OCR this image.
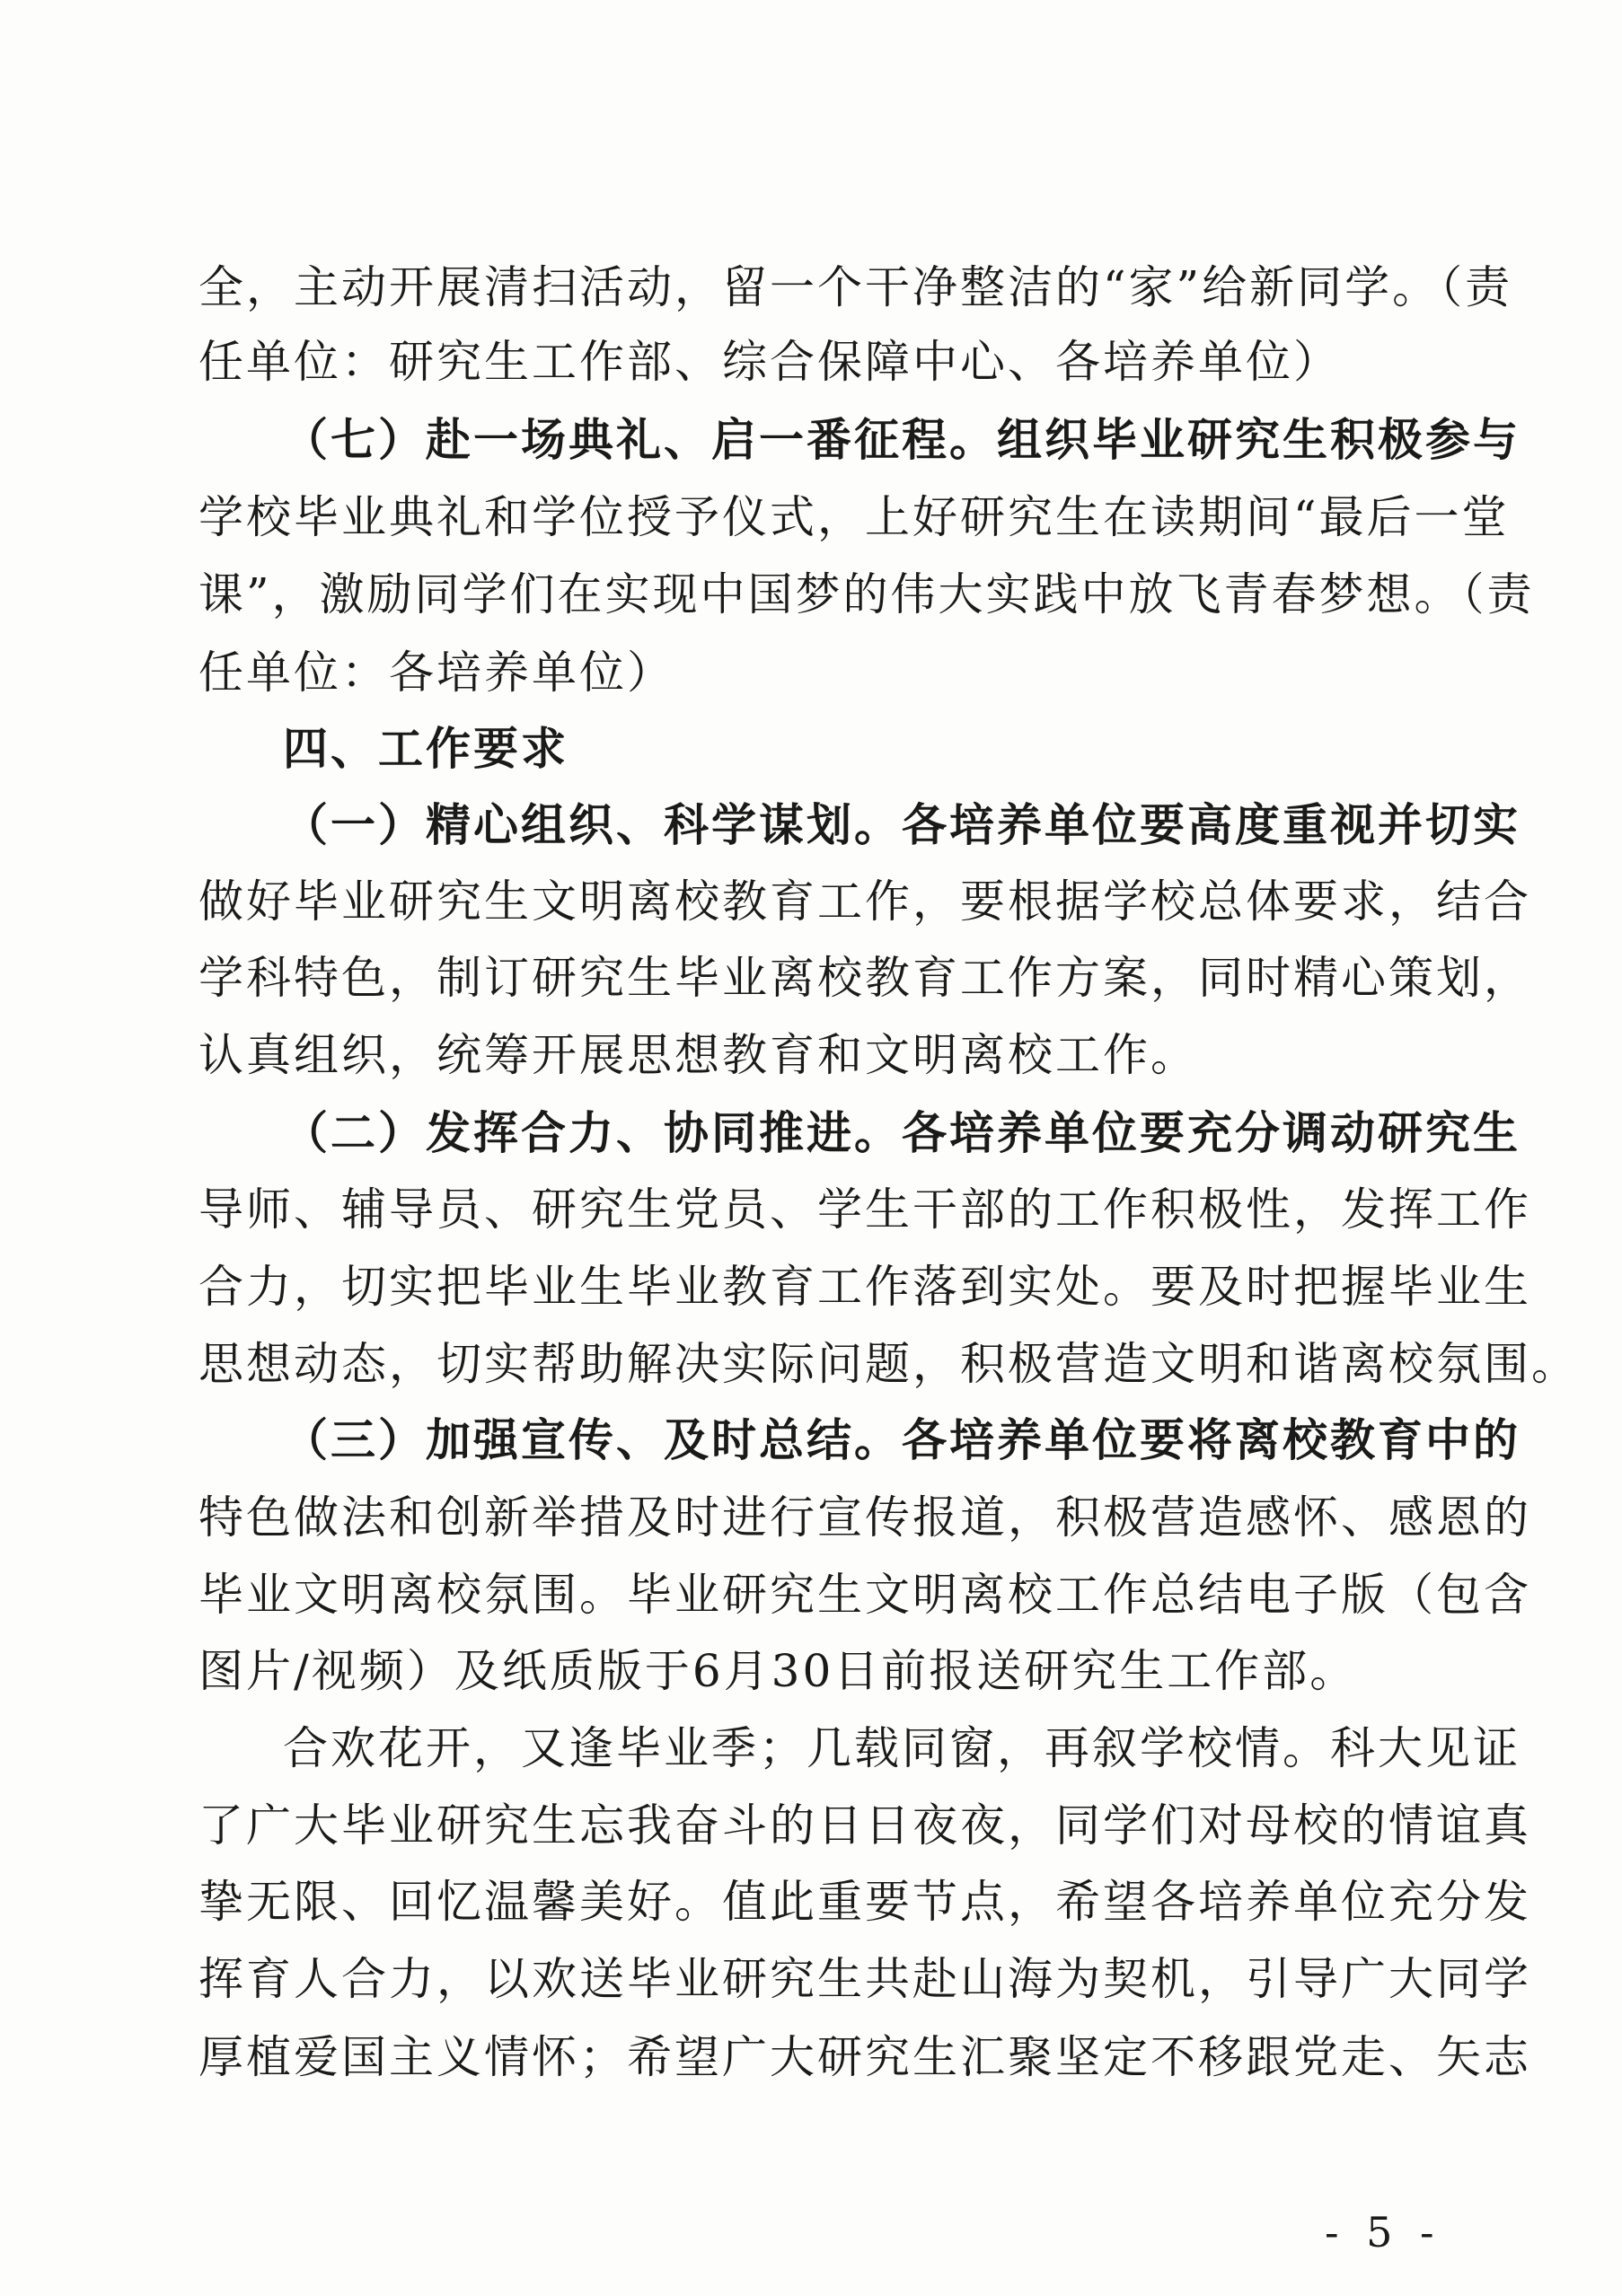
全，主动开展清扫活动，留一个干净整洁的“家”给新同学。（责
任单位：研究生工作部、综合保障中心、各培养单位）
（七）赴一场典礼、启一番征程。组织毕业研究生积极参与
学校毕业典礼和学位授予仪式，上好研究生在读期间“最后一堂
课”，激励同学们在实现中国梦的伟大实践中放飞青春梦想。（责
任单位：各培养单位）
四、工作要求
（一）精心组织、科学谋划。各培养单位要高度重视并切实
做好毕业研究生文明离校教育工作，要根据学校总体要求，结合
学科特色，制订研究生毕业离校教育工作方案，同时精心策划，
认真组织，统筹开展思想教育和文明离校工作。
（二）发挥合力、协同推进。各培养单位要充分调动研究生
导师、辅导员、研究生党员、学生干部的工作积极性，发挥工作
合力，切实把毕业生毕业教育工作落到实处。要及时把握毕业生
思想动态，切实帮助解决实际问题，积极营造文明和谐离校氛围。
（三）加强宣传、及时总结。各培养单位要将离校教育中的
特色做法和创新举措及时进行宣传报道，积极营造感怀、感恩的
毕业文明离校氛围。毕业研究生文明离校工作总结电子版（包含
图片/视频）及纸质版于6月30日前报送研究生工作部。
合欢花开，又逢毕业季；几载同窗，再叙学校情。科大见证
了广大毕业研究生忘我奋斗的日日夜夜，同学们对母校的情谊真
挚无限、回忆温馨美好。值此重要节点，希望各培养单位充分发
挥育人合力，以欢送毕业研究生共赴山海为契机，引导广大同学
厚植爱国主义情怀；希望广大研究生汇聚坚定不移跟党走、矢志
- 5 -
